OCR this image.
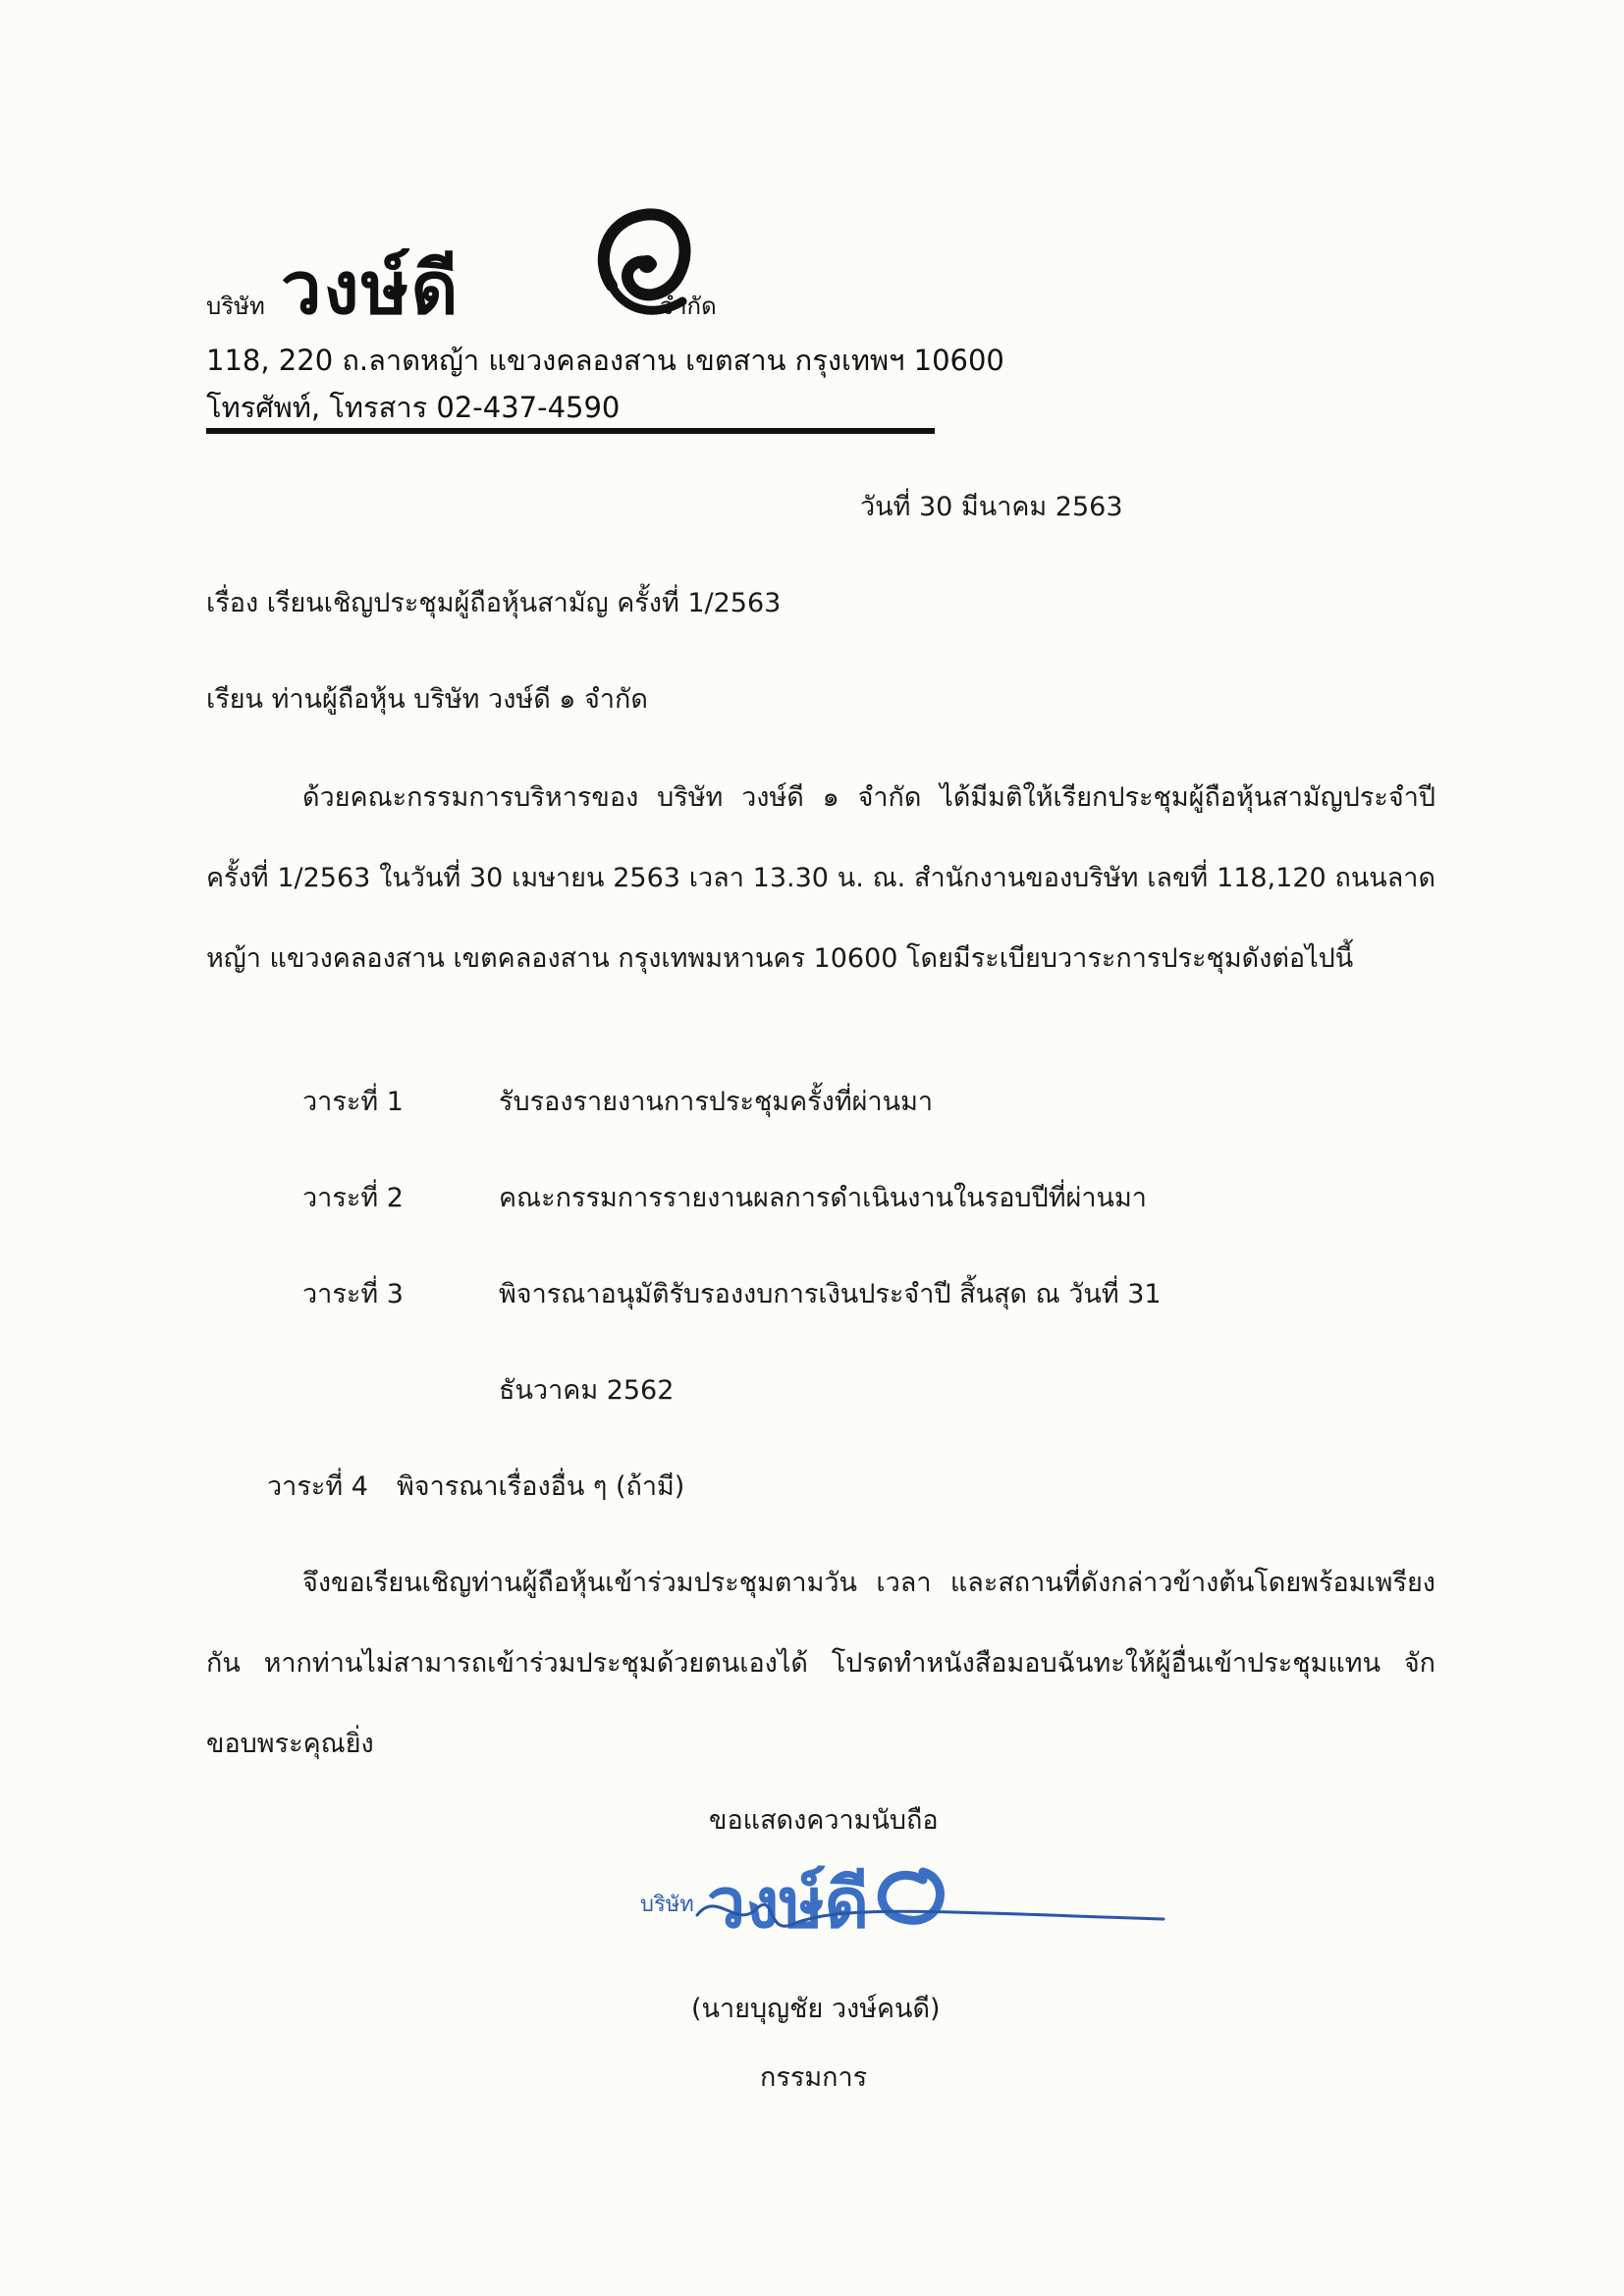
บริษัท วงษ์ดี	จำกัด
118, 220 ถ.ลาดหญ้า แขวงคลองสาน เขตสาน กรุงเทพฯ 10600
โทรศัพท์, โทรสาร 02-437-4590
วันที่ 30 มีนาคม 2563
เรื่อง เรียนเชิญประชุมผู้ถือหุ้นสามัญ ครั้งที่ 1/2563
เรียน ท่านผู้ถือหุ้น บริษัท วงษ์ดี ๑ จำกัด
ด้วยคณะกรรมการบริหารของ บริษัท วงษ์ดี ๑ จำกัด ได้มีมติให้เรียกประชุมผู้ถือหุ้นสามัญประจำปี ครั้งที่ 1/2563 ในวันที่ 30 เมษายน 2563 เวลา 13.30 น. ณ. สำนักงานของบริษัท เลขที่ 118,120 ถนนลาดหญ้า แขวงคลองสาน เขตคลองสาน กรุงเทพมหานคร 10600 โดยมีระเบียบวาระการประชุมดังต่อไปนี้
วาระที่ 1	รับรองรายงานการประชุมครั้งที่ผ่านมา
วาระที่ 2	คณะกรรมการรายงานผลการดำเนินงานในรอบปีที่ผ่านมา
วาระที่ 3	พิจารณาอนุมัติรับรองงบการเงินประจำปี สิ้นสุด ณ วันที่ 31
ธันวาคม 2562
วาระที่ 4 พิจารณาเรื่องอื่น ๆ (ถ้ามี)
จึงขอเรียนเชิญท่านผู้ถือหุ้นเข้าร่วมประชุมตามวัน เวลา และสถานที่ดังกล่าวข้างต้นโดยพร้อมเพรียงกัน หากท่านไม่สามารถเข้าร่วมประชุมด้วยตนเองได้ โปรดทำหนังสือมอบฉันทะให้ผู้อื่นเข้าประชุมแทน จักขอบพระคุณยิ่ง
ขอแสดงความนับถือ
บริษัท วงษ์ดี
(นายบุญชัย วงษ์คนดี)
กรรมการ
